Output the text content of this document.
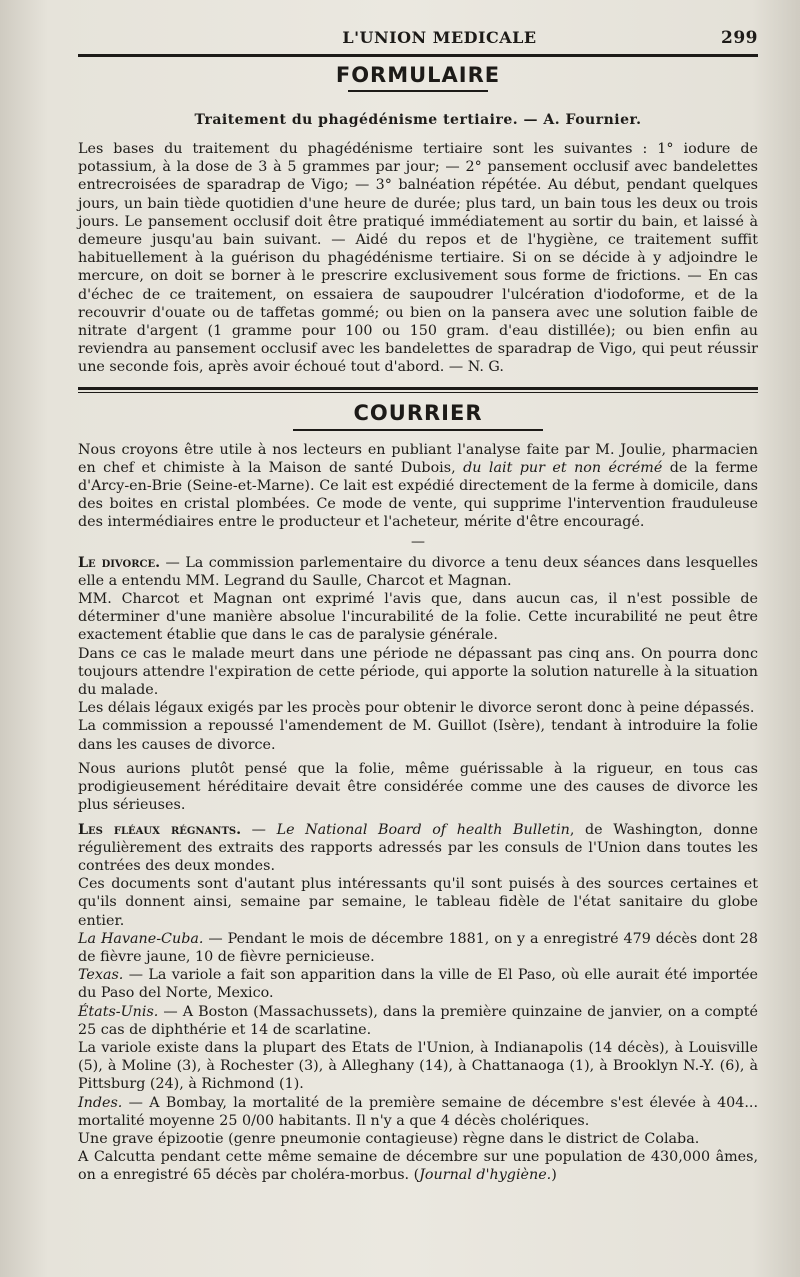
L'UNION MEDICALE	299
FORMULAIRE
Traitement du phagédénisme tertiaire. — A. Fournier.

Les bases du traitement du phagédénisme tertiaire sont les suivantes : 1° iodure de potassium, à la dose de 3 à 5 grammes par jour; — 2° pansement occlusif avec bandelettes entrecroisées de sparadrap de Vigo; — 3° balnéation répétée. Au début, pendant quelques jours, un bain tiède quotidien d'une heure de durée; plus tard, un bain tous les deux ou trois jours. Le pansement occlusif doit être pratiqué immédiatement au sortir du bain, et laissé à demeure jusqu'au bain suivant. — Aidé du repos et de l'hygiène, ce traitement suffit habituellement à la guérison du phagédénisme tertiaire. Si on se décide à y adjoindre le mercure, on doit se borner à le prescrire exclusivement sous forme de frictions. — En cas d'échec de ce traitement, on essaiera de saupoudrer l'ulcération d'iodoforme, et de la recouvrir d'ouate ou de taffetas gommé; ou bien on la pansera avec une solution faible de nitrate d'argent (1 gramme pour 100 ou 150 gram. d'eau distillée); ou bien enfin au reviendra au pansement occlusif avec les bandelettes de sparadrap de Vigo, qui peut réussir une seconde fois, après avoir échoué tout d'abord. — N. G.

COURRIER

Nous croyons être utile à nos lecteurs en publiant l'analyse faite par M. Joulie, pharmacien en chef et chimiste à la Maison de santé Dubois, du lait pur et non écrémé de la ferme d'Arcy-en-Brie (Seine-et-Marne). Ce lait est expédié directement de la ferme à domicile, dans des boites en cristal plombées. Ce mode de vente, qui supprime l'intervention frauduleuse des intermédiaires entre le producteur et l'acheteur, mérite d'être encouragé.

—

Le divorce. — La commission parlementaire du divorce a tenu deux séances dans lesquelles elle a entendu MM. Legrand du Saulle, Charcot et Magnan.

MM. Charcot et Magnan ont exprimé l'avis que, dans aucun cas, il n'est possible de déterminer d'une manière absolue l'incurabilité de la folie. Cette incurabilité ne peut être exactement établie que dans le cas de paralysie générale.

Dans ce cas le malade meurt dans une période ne dépassant pas cinq ans. On pourra donc toujours attendre l'expiration de cette période, qui apporte la solution naturelle à la situation du malade.

Les délais légaux exigés par les procès pour obtenir le divorce seront donc à peine dépassés.

La commission a repoussé l'amendement de M. Guillot (Isère), tendant à introduire la folie dans les causes de divorce.

Nous aurions plutôt pensé que la folie, même guérissable à la rigueur, en tous cas prodigieusement héréditaire devait être considérée comme une des causes de divorce les plus sérieuses.

Les fléaux régnants. — Le National Board of health Bulletin, de Washington, donne régulièrement des extraits des rapports adressés par les consuls de l'Union dans toutes les contrées des deux mondes.

Ces documents sont d'autant plus intéressants qu'il sont puisés à des sources certaines et qu'ils donnent ainsi, semaine par semaine, le tableau fidèle de l'état sanitaire du globe entier.

La Havane-Cuba. — Pendant le mois de décembre 1881, on y a enregistré 479 décès dont 28 de fièvre jaune, 10 de fièvre pernicieuse.

Texas. — La variole a fait son apparition dans la ville de El Paso, où elle aurait été importée du Paso del Norte, Mexico.

États-Unis. — A Boston (Massachussets), dans la première quinzaine de janvier, on a compté 25 cas de diphthérie et 14 de scarlatine.

La variole existe dans la plupart des Etats de l'Union, à Indianapolis (14 décès), à Louisville (5), à Moline (3), à Rochester (3), à Alleghany (14), à Chattanaoga (1), à Brooklyn N.-Y. (6), à Pittsburg (24), à Richmond (1).

Indes. — A Bombay, la mortalité de la première semaine de décembre s'est élevée à 404... mortalité moyenne 25 0/00 habitants. Il n'y a que 4 décès cholériques.

Une grave épizootie (genre pneumonie contagieuse) règne dans le district de Colaba.

A Calcutta pendant cette même semaine de décembre sur une population de 430,000 âmes, on a enregistré 65 décès par choléra-morbus. (Journal d'hygiène.)
